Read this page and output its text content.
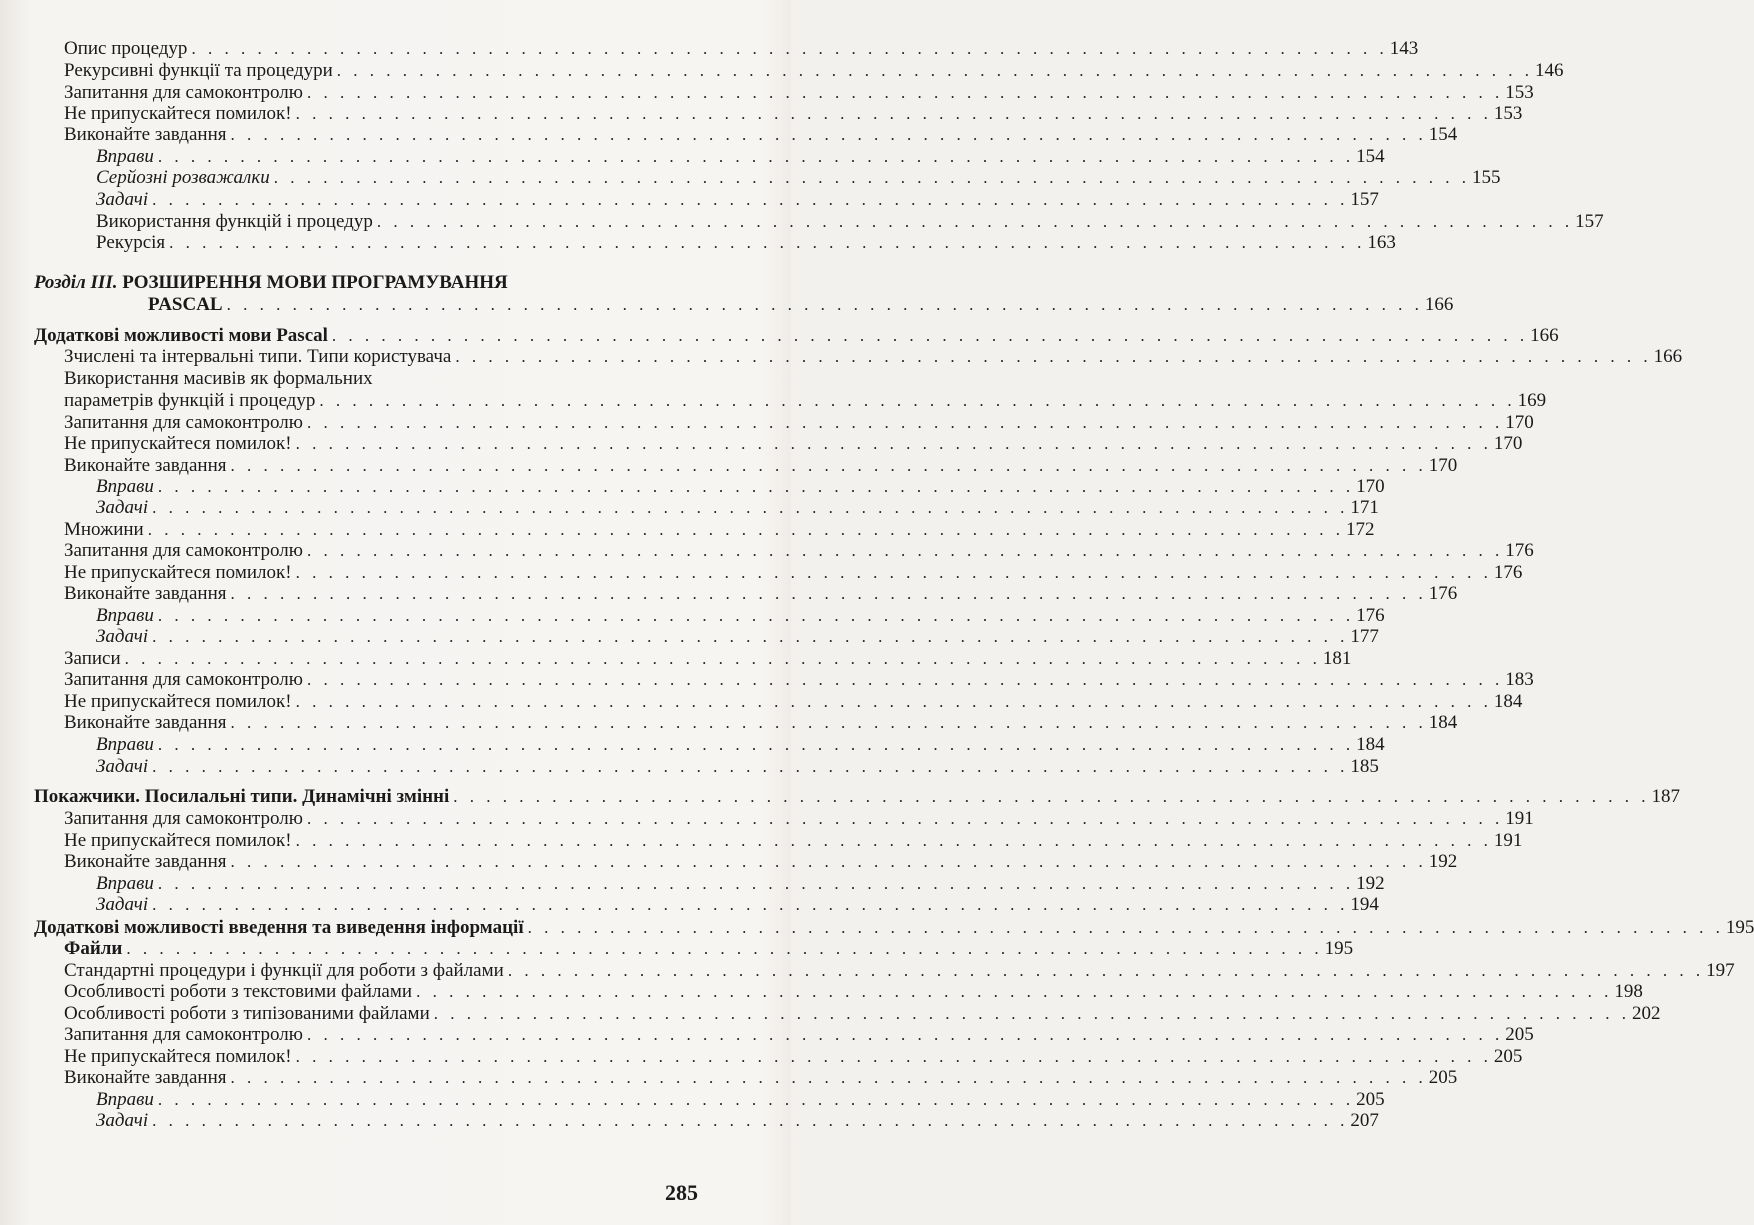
Опис процедур . . . . . . . . . . . . . . . . . . . . . . . . . . . . . . . . . . . . . . . . . . . . . . . . . . . . . . . . . . . . . . . . . . . . . . . . . 143
Рекурсивні функції та процедури . . . . . . . . . . . . . . . . . . . . . . . . . . . . . . . . . . . . . . . . . . . . . . . . . . . . . . . . . . . . . . . . . . . . . . . . . 146
Запитання для самоконтролю . . . . . . . . . . . . . . . . . . . . . . . . . . . . . . . . . . . . . . . . . . . . . . . . . . . . . . . . . . . . . . . . . . . . . . . . . 153
Не припускайтеся помилок! . . . . . . . . . . . . . . . . . . . . . . . . . . . . . . . . . . . . . . . . . . . . . . . . . . . . . . . . . . . . . . . . . . . . . . . . . 153
Виконайте завдання . . . . . . . . . . . . . . . . . . . . . . . . . . . . . . . . . . . . . . . . . . . . . . . . . . . . . . . . . . . . . . . . . . . . . . . . . 154
Вправи . . . . . . . . . . . . . . . . . . . . . . . . . . . . . . . . . . . . . . . . . . . . . . . . . . . . . . . . . . . . . . . . . . . . . . . . . 154
Серйозні розважалки . . . . . . . . . . . . . . . . . . . . . . . . . . . . . . . . . . . . . . . . . . . . . . . . . . . . . . . . . . . . . . . . . . . . . . . . . 155
Задачі . . . . . . . . . . . . . . . . . . . . . . . . . . . . . . . . . . . . . . . . . . . . . . . . . . . . . . . . . . . . . . . . . . . . . . . . . 157
Використання функцій і процедур . . . . . . . . . . . . . . . . . . . . . . . . . . . . . . . . . . . . . . . . . . . . . . . . . . . . . . . . . . . . . . . . . . . . . . . . . 157
Рекурсія . . . . . . . . . . . . . . . . . . . . . . . . . . . . . . . . . . . . . . . . . . . . . . . . . . . . . . . . . . . . . . . . . . . . . . . . . 163
Розділ III. РОЗШИРЕННЯ МОВИ ПРОГРАМУВАННЯ
PASCAL . . . . . . . . . . . . . . . . . . . . . . . . . . . . . . . . . . . . . . . . . . . . . . . . . . . . . . . . . . . . . . . . . . . . . . . . . 166
Додаткові можливості мови Pascal . . . . . . . . . . . . . . . . . . . . . . . . . . . . . . . . . . . . . . . . . . . . . . . . . . . . . . . . . . . . . . . . . . . . . . . . . 166
Зчислені та інтервальні типи. Типи користувача . . . . . . . . . . . . . . . . . . . . . . . . . . . . . . . . . . . . . . . . . . . . . . . . . . . . . . . . . . . . . . . . . . . . . . . . . 166
Використання масивів як формальних
параметрів функцій і процедур . . . . . . . . . . . . . . . . . . . . . . . . . . . . . . . . . . . . . . . . . . . . . . . . . . . . . . . . . . . . . . . . . . . . . . . . . 169
Запитання для самоконтролю . . . . . . . . . . . . . . . . . . . . . . . . . . . . . . . . . . . . . . . . . . . . . . . . . . . . . . . . . . . . . . . . . . . . . . . . . 170
Не припускайтеся помилок! . . . . . . . . . . . . . . . . . . . . . . . . . . . . . . . . . . . . . . . . . . . . . . . . . . . . . . . . . . . . . . . . . . . . . . . . . 170
Виконайте завдання . . . . . . . . . . . . . . . . . . . . . . . . . . . . . . . . . . . . . . . . . . . . . . . . . . . . . . . . . . . . . . . . . . . . . . . . . 170
Вправи . . . . . . . . . . . . . . . . . . . . . . . . . . . . . . . . . . . . . . . . . . . . . . . . . . . . . . . . . . . . . . . . . . . . . . . . . 170
Задачі . . . . . . . . . . . . . . . . . . . . . . . . . . . . . . . . . . . . . . . . . . . . . . . . . . . . . . . . . . . . . . . . . . . . . . . . . 171
Множини . . . . . . . . . . . . . . . . . . . . . . . . . . . . . . . . . . . . . . . . . . . . . . . . . . . . . . . . . . . . . . . . . . . . . . . . . 172
Запитання для самоконтролю . . . . . . . . . . . . . . . . . . . . . . . . . . . . . . . . . . . . . . . . . . . . . . . . . . . . . . . . . . . . . . . . . . . . . . . . . 176
Не припускайтеся помилок! . . . . . . . . . . . . . . . . . . . . . . . . . . . . . . . . . . . . . . . . . . . . . . . . . . . . . . . . . . . . . . . . . . . . . . . . . 176
Виконайте завдання . . . . . . . . . . . . . . . . . . . . . . . . . . . . . . . . . . . . . . . . . . . . . . . . . . . . . . . . . . . . . . . . . . . . . . . . . 176
Вправи . . . . . . . . . . . . . . . . . . . . . . . . . . . . . . . . . . . . . . . . . . . . . . . . . . . . . . . . . . . . . . . . . . . . . . . . . 176
Задачі . . . . . . . . . . . . . . . . . . . . . . . . . . . . . . . . . . . . . . . . . . . . . . . . . . . . . . . . . . . . . . . . . . . . . . . . . 177
Записи . . . . . . . . . . . . . . . . . . . . . . . . . . . . . . . . . . . . . . . . . . . . . . . . . . . . . . . . . . . . . . . . . . . . . . . . . 181
Запитання для самоконтролю . . . . . . . . . . . . . . . . . . . . . . . . . . . . . . . . . . . . . . . . . . . . . . . . . . . . . . . . . . . . . . . . . . . . . . . . . 183
Не припускайтеся помилок! . . . . . . . . . . . . . . . . . . . . . . . . . . . . . . . . . . . . . . . . . . . . . . . . . . . . . . . . . . . . . . . . . . . . . . . . . 184
Виконайте завдання . . . . . . . . . . . . . . . . . . . . . . . . . . . . . . . . . . . . . . . . . . . . . . . . . . . . . . . . . . . . . . . . . . . . . . . . . 184
Вправи . . . . . . . . . . . . . . . . . . . . . . . . . . . . . . . . . . . . . . . . . . . . . . . . . . . . . . . . . . . . . . . . . . . . . . . . . 184
Задачі . . . . . . . . . . . . . . . . . . . . . . . . . . . . . . . . . . . . . . . . . . . . . . . . . . . . . . . . . . . . . . . . . . . . . . . . . 185
Покажчики. Посилальні типи. Динамічні змінні . . . . . . . . . . . . . . . . . . . . . . . . . . . . . . . . . . . . . . . . . . . . . . . . . . . . . . . . . . . . . . . . . . . . . . . . . 187
Запитання для самоконтролю . . . . . . . . . . . . . . . . . . . . . . . . . . . . . . . . . . . . . . . . . . . . . . . . . . . . . . . . . . . . . . . . . . . . . . . . . 191
Не припускайтеся помилок! . . . . . . . . . . . . . . . . . . . . . . . . . . . . . . . . . . . . . . . . . . . . . . . . . . . . . . . . . . . . . . . . . . . . . . . . . 191
Виконайте завдання . . . . . . . . . . . . . . . . . . . . . . . . . . . . . . . . . . . . . . . . . . . . . . . . . . . . . . . . . . . . . . . . . . . . . . . . . 192
Вправи . . . . . . . . . . . . . . . . . . . . . . . . . . . . . . . . . . . . . . . . . . . . . . . . . . . . . . . . . . . . . . . . . . . . . . . . . 192
Задачі . . . . . . . . . . . . . . . . . . . . . . . . . . . . . . . . . . . . . . . . . . . . . . . . . . . . . . . . . . . . . . . . . . . . . . . . . 194
Додаткові можливості введення та виведення інформації . . . . . . . . . . . . . . . . . . . . . . . . . . . . . . . . . . . . . . . . . . . . . . . . . . . . . . . . . . . . . . . . . . . . . . . . . 195
Файли . . . . . . . . . . . . . . . . . . . . . . . . . . . . . . . . . . . . . . . . . . . . . . . . . . . . . . . . . . . . . . . . . . . . . . . . . 195
Стандартні процедури і функції для роботи з файлами . . . . . . . . . . . . . . . . . . . . . . . . . . . . . . . . . . . . . . . . . . . . . . . . . . . . . . . . . . . . . . . . . . . . . . . . . 197
Особливості роботи з текстовими файлами . . . . . . . . . . . . . . . . . . . . . . . . . . . . . . . . . . . . . . . . . . . . . . . . . . . . . . . . . . . . . . . . . . . . . . . . . 198
Особливості роботи з типізованими файлами . . . . . . . . . . . . . . . . . . . . . . . . . . . . . . . . . . . . . . . . . . . . . . . . . . . . . . . . . . . . . . . . . . . . . . . . . 202
Запитання для самоконтролю . . . . . . . . . . . . . . . . . . . . . . . . . . . . . . . . . . . . . . . . . . . . . . . . . . . . . . . . . . . . . . . . . . . . . . . . . 205
Не припускайтеся помилок! . . . . . . . . . . . . . . . . . . . . . . . . . . . . . . . . . . . . . . . . . . . . . . . . . . . . . . . . . . . . . . . . . . . . . . . . . 205
Виконайте завдання . . . . . . . . . . . . . . . . . . . . . . . . . . . . . . . . . . . . . . . . . . . . . . . . . . . . . . . . . . . . . . . . . . . . . . . . . 205
Вправи . . . . . . . . . . . . . . . . . . . . . . . . . . . . . . . . . . . . . . . . . . . . . . . . . . . . . . . . . . . . . . . . . . . . . . . . . 205
Задачі . . . . . . . . . . . . . . . . . . . . . . . . . . . . . . . . . . . . . . . . . . . . . . . . . . . . . . . . . . . . . . . . . . . . . . . . . 207
285
